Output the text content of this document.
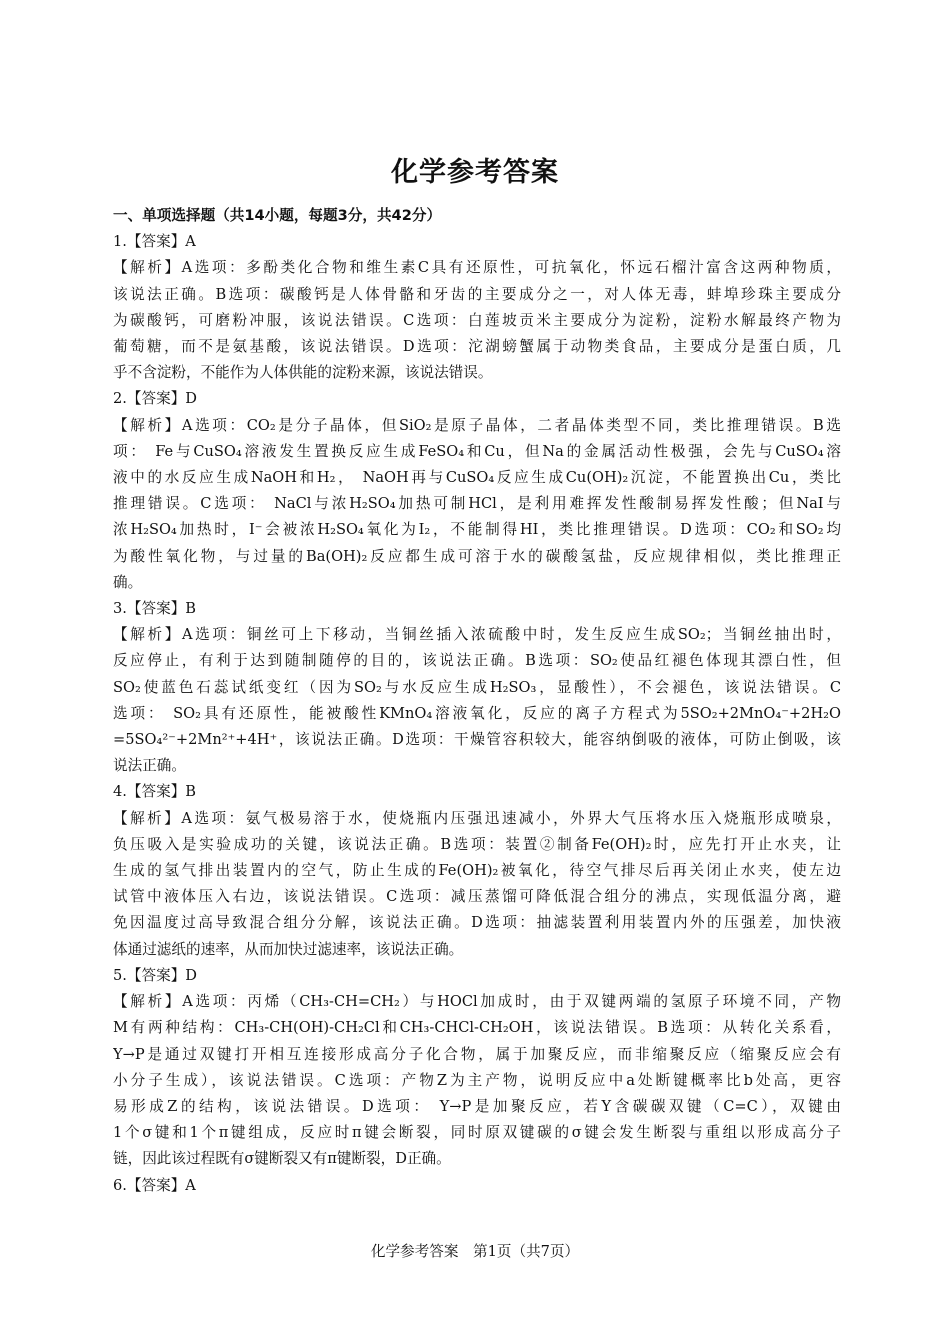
化学参考答案
一、单项选择题（共14小题，每题3分，共42分）
1.【答案】A
【解析】A选项：多酚类化合物和维生素C具有还原性，可抗氧化，怀远石榴汁富含这两种物质，
该说法正确。B选项：碳酸钙是人体骨骼和牙齿的主要成分之一，对人体无毒，蚌埠珍珠主要成分
为碳酸钙，可磨粉冲服，该说法错误。C选项：白莲坡贡米主要成分为淀粉，淀粉水解最终产物为
葡萄糖，而不是氨基酸，该说法错误。D选项：沱湖螃蟹属于动物类食品，主要成分是蛋白质，几
乎不含淀粉，不能作为人体供能的淀粉来源，该说法错误。
2.【答案】D
【解析】A选项：CO₂是分子晶体，但SiO₂是原子晶体，二者晶体类型不同，类比推理错误。B选
项： Fe与CuSO₄溶液发生置换反应生成FeSO₄和Cu，但Na的金属活动性极强，会先与CuSO₄溶
液中的水反应生成NaOH和H₂， NaOH再与CuSO₄反应生成Cu(OH)₂沉淀，不能置换出Cu，类比
推理错误。C选项： NaCl与浓H₂SO₄加热可制HCl，是利用难挥发性酸制易挥发性酸；但NaI与
浓H₂SO₄加热时，I⁻会被浓H₂SO₄氧化为I₂，不能制得HI，类比推理错误。D选项：CO₂和SO₂均
为酸性氧化物，与过量的Ba(OH)₂反应都生成可溶于水的碳酸氢盐，反应规律相似，类比推理正
确。
3.【答案】B
【解析】A选项：铜丝可上下移动，当铜丝插入浓硫酸中时，发生反应生成SO₂；当铜丝抽出时，
反应停止，有利于达到随制随停的目的，该说法正确。B选项：SO₂使品红褪色体现其漂白性，但
SO₂使蓝色石蕊试纸变红（因为SO₂与水反应生成H₂SO₃，显酸性），不会褪色，该说法错误。C
选项： SO₂具有还原性，能被酸性KMnO₄溶液氧化，反应的离子方程式为5SO₂+2MnO₄⁻+2H₂O
=5SO₄²⁻+2Mn²⁺+4H⁺，该说法正确。D选项：干燥管容积较大，能容纳倒吸的液体，可防止倒吸，该
说法正确。
4.【答案】B
【解析】A选项：氨气极易溶于水，使烧瓶内压强迅速减小，外界大气压将水压入烧瓶形成喷泉，
负压吸入是实验成功的关键，该说法正确。B选项：装置②制备Fe(OH)₂时，应先打开止水夹，让
生成的氢气排出装置内的空气，防止生成的Fe(OH)₂被氧化，待空气排尽后再关闭止水夹，使左边
试管中液体压入右边，该说法错误。C选项：减压蒸馏可降低混合组分的沸点，实现低温分离，避
免因温度过高导致混合组分分解，该说法正确。D选项：抽滤装置利用装置内外的压强差，加快液
体通过滤纸的速率，从而加快过滤速率，该说法正确。
5.【答案】D
【解析】A选项：丙烯（CH₃-CH=CH₂）与HOCl加成时，由于双键两端的氢原子环境不同，产物
M有两种结构：CH₃-CH(OH)-CH₂Cl和CH₃-CHCl-CH₂OH，该说法错误。B选项：从转化关系看，
Y→P是通过双键打开相互连接形成高分子化合物，属于加聚反应，而非缩聚反应（缩聚反应会有
小分子生成），该说法错误。C选项：产物Z为主产物，说明反应中a处断键概率比b处高，更容
易形成Z的结构，该说法错误。D选项： Y→P是加聚反应，若Y含碳碳双键（C=C），双键由
1个σ键和1个π键组成，反应时π键会断裂，同时原双键碳的σ键会发生断裂与重组以形成高分子
链，因此该过程既有σ键断裂又有π键断裂，D正确。
6.【答案】A
化学参考答案　第1页（共7页）
